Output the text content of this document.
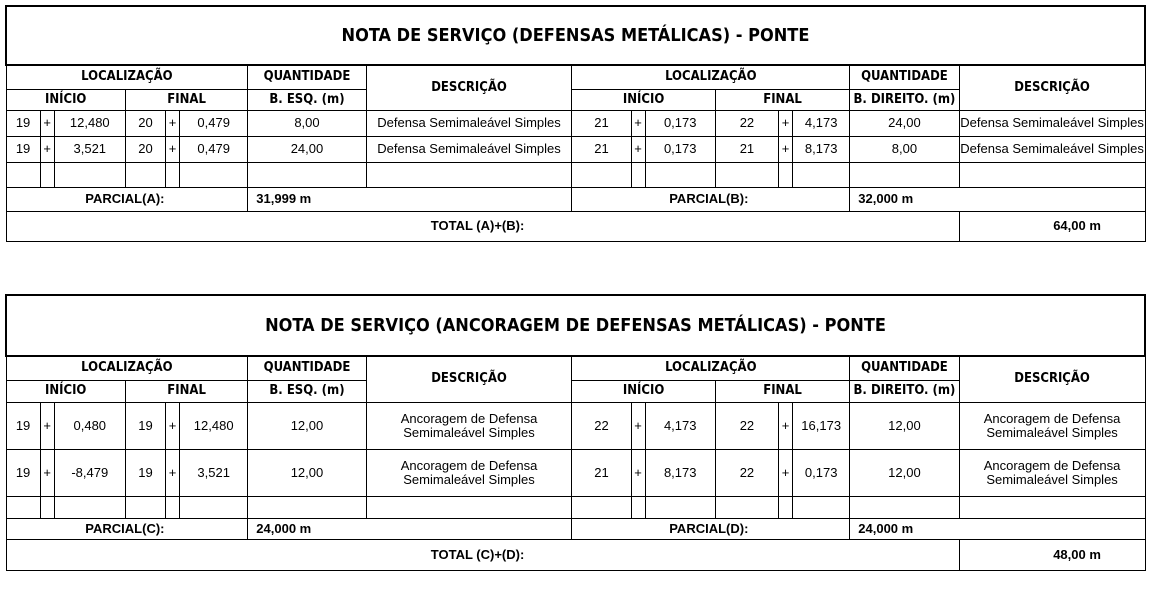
NOTA DE SERVIÇO (DEFENSAS METÁLICAS) - PONTE															
LOCALIZAÇÃO						QUANTIDADE	DESCRIÇÃO	LOCALIZAÇÃO						QUANTIDADE	DESCRIÇÃO
INÍCIO			FINAL			B. ESQ. (m)		INÍCIO			FINAL			B. DIREITO. (m)	
19	+	12,480	20	+	0,479	8,00	Defensa Semimaleável Simples	21	+	0,173	22	+	4,173	24,00	Defensa Semimaleável Simples
19	+	3,521	20	+	0,479	24,00	Defensa Semimaleável Simples	21	+	0,173	21	+	8,173	8,00	Defensa Semimaleável Simples

PARCIAL(A):						31,999 m		PARCIAL(B):						32,000 m	
TOTAL (A)+(B):															64,00 m
NOTA DE SERVIÇO (ANCORAGEM DE DEFENSAS METÁLICAS) - PONTE															
LOCALIZAÇÃO						QUANTIDADE	DESCRIÇÃO	LOCALIZAÇÃO						QUANTIDADE	DESCRIÇÃO
INÍCIO			FINAL			B. ESQ. (m)		INÍCIO			FINAL			B. DIREITO. (m)	
19	+	0,480	19	+	12,480	12,00	Ancoragem de Defensa Semimaleável Simples	22	+	4,173	22	+	16,173	12,00	Ancoragem de Defensa Semimaleável Simples
19	+	-8,479	19	+	3,521	12,00	Ancoragem de Defensa Semimaleável Simples	21	+	8,173	22	+	0,173	12,00	Ancoragem de Defensa Semimaleável Simples

PARCIAL(C):						24,000 m		PARCIAL(D):						24,000 m	
TOTAL (C)+(D):															48,00 m
